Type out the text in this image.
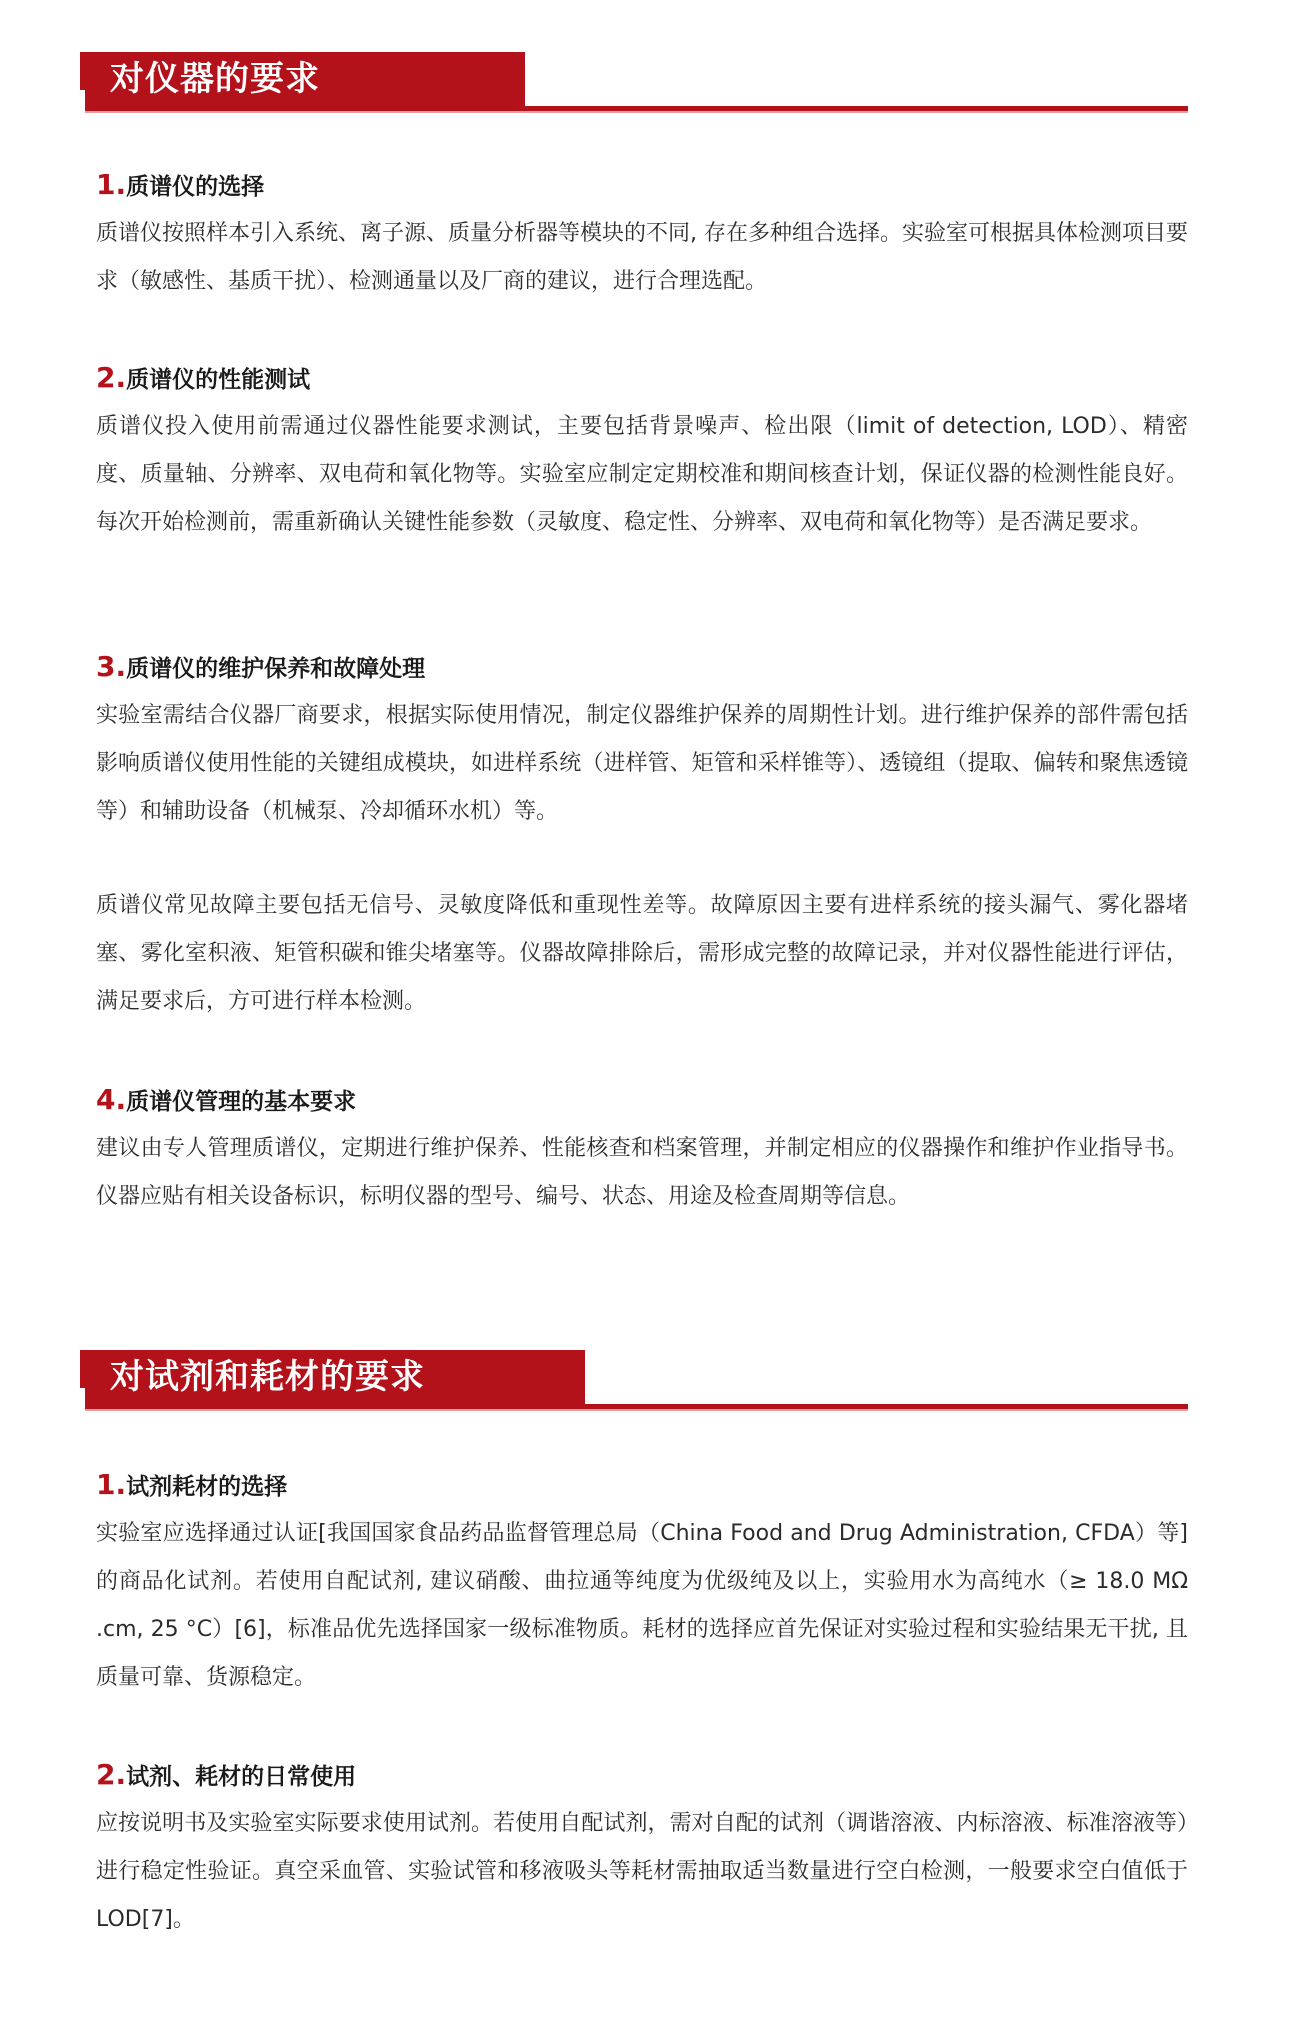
对仪器的要求
1.质谱仪的选择

质谱仪按照样本引入系统、离子源、质量分析器等模块的不同, 存在多种组合选择。实验室可根据具体检测项目要求（敏感性、基质干扰）、检测通量以及厂商的建议，进行合理选配。

2.质谱仪的性能测试

质谱仪投入使用前需通过仪器性能要求测试，主要包括背景噪声、检出限（limit of detection, LOD）、精密度、质量轴、分辨率、双电荷和氧化物等。实验室应制定定期校准和期间核查计划，保证仪器的检测性能良好。每次开始检测前，需重新确认关键性能参数（灵敏度、稳定性、分辨率、双电荷和氧化物等）是否满足要求。

3.质谱仪的维护保养和故障处理

实验室需结合仪器厂商要求，根据实际使用情况，制定仪器维护保养的周期性计划。进行维护保养的部件需包括影响质谱仪使用性能的关键组成模块，如进样系统（进样管、矩管和采样锥等）、透镜组（提取、偏转和聚焦透镜等）和辅助设备（机械泵、冷却循环水机）等。

质谱仪常见故障主要包括无信号、灵敏度降低和重现性差等。故障原因主要有进样系统的接头漏气、雾化器堵塞、雾化室积液、矩管积碳和锥尖堵塞等。仪器故障排除后，需形成完整的故障记录，并对仪器性能进行评估，满足要求后，方可进行样本检测。

4.质谱仪管理的基本要求

建议由专人管理质谱仪，定期进行维护保养、性能核查和档案管理，并制定相应的仪器操作和维护作业指导书。仪器应贴有相关设备标识，标明仪器的型号、编号、状态、用途及检查周期等信息。

对试剂和耗材的要求
1.试剂耗材的选择

实验室应选择通过认证[我国国家食品药品监督管理总局（China Food and Drug Administration, CFDA）等]的商品化试剂。若使用自配试剂, 建议硝酸、曲拉通等纯度为优级纯及以上，实验用水为高纯水（≥ 18.0 MΩ .cm, 25 °C）[6]，标准品优先选择国家一级标准物质。耗材的选择应首先保证对实验过程和实验结果无干扰, 且质量可靠、货源稳定。

2.试剂、耗材的日常使用

应按说明书及实验室实际要求使用试剂。若使用自配试剂，需对自配的试剂（调谐溶液、内标溶液、标准溶液等）进行稳定性验证。真空采血管、实验试管和移液吸头等耗材需抽取适当数量进行空白检测，一般要求空白值低于LOD[7]。
